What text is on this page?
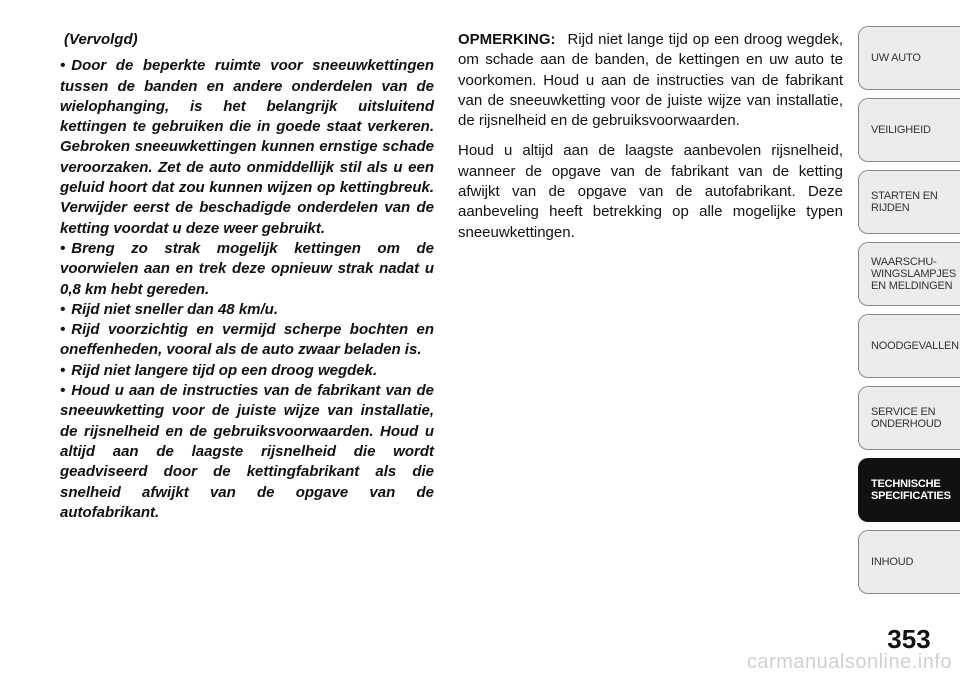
(Vervolgd)
• Door de beperkte ruimte voor sneeuwkettingen tussen de banden en andere onderdelen van de wielophanging, is het belangrijk uitsluitend kettingen te gebruiken die in goede staat verkeren. Gebroken sneeuwkettingen kunnen ernstige schade veroorzaken. Zet de auto onmiddellijk stil als u een geluid hoort dat zou kunnen wijzen op kettingbreuk. Verwijder eerst de beschadigde onderdelen van de ketting voordat u deze weer gebruikt.
• Breng zo strak mogelijk kettingen om de voorwielen aan en trek deze opnieuw strak nadat u 0,8 km hebt gereden.
• Rijd niet sneller dan 48 km/u.
• Rijd voorzichtig en vermijd scherpe bochten en oneffenheden, vooral als de auto zwaar beladen is.
• Rijd niet langere tijd op een droog wegdek.
• Houd u aan de instructies van de fabrikant van de sneeuwketting voor de juiste wijze van installatie, de rijsnelheid en de gebruiksvoorwaarden. Houd u altijd aan de laagste rijsnelheid die wordt geadviseerd door de kettingfabrikant als die snelheid afwijkt van de opgave van de autofabrikant.

OPMERKING: Rijd niet lange tijd op een droog wegdek, om schade aan de banden, de kettingen en uw auto te voorkomen. Houd u aan de instructies van de fabrikant van de sneeuwketting voor de juiste wijze van installatie, de rijsnelheid en de gebruiksvoorwaarden.

Houd u altijd aan de laagste aanbevolen rijsnelheid, wanneer de opgave van de fabrikant van de ketting afwijkt van de opgave van de autofabrikant. Deze aanbeveling heeft betrekking op alle mogelijke typen sneeuwkettingen.

UW AUTO
VEILIGHEID
STARTEN EN
RIJDEN
WAARSCHU-
WINGSLAMPJES
EN MELDINGEN
NOODGEVALLEN
SERVICE EN
ONDERHOUD
TECHNISCHE
SPECIFICATIES
INHOUD
353
carmanualsonline.info
